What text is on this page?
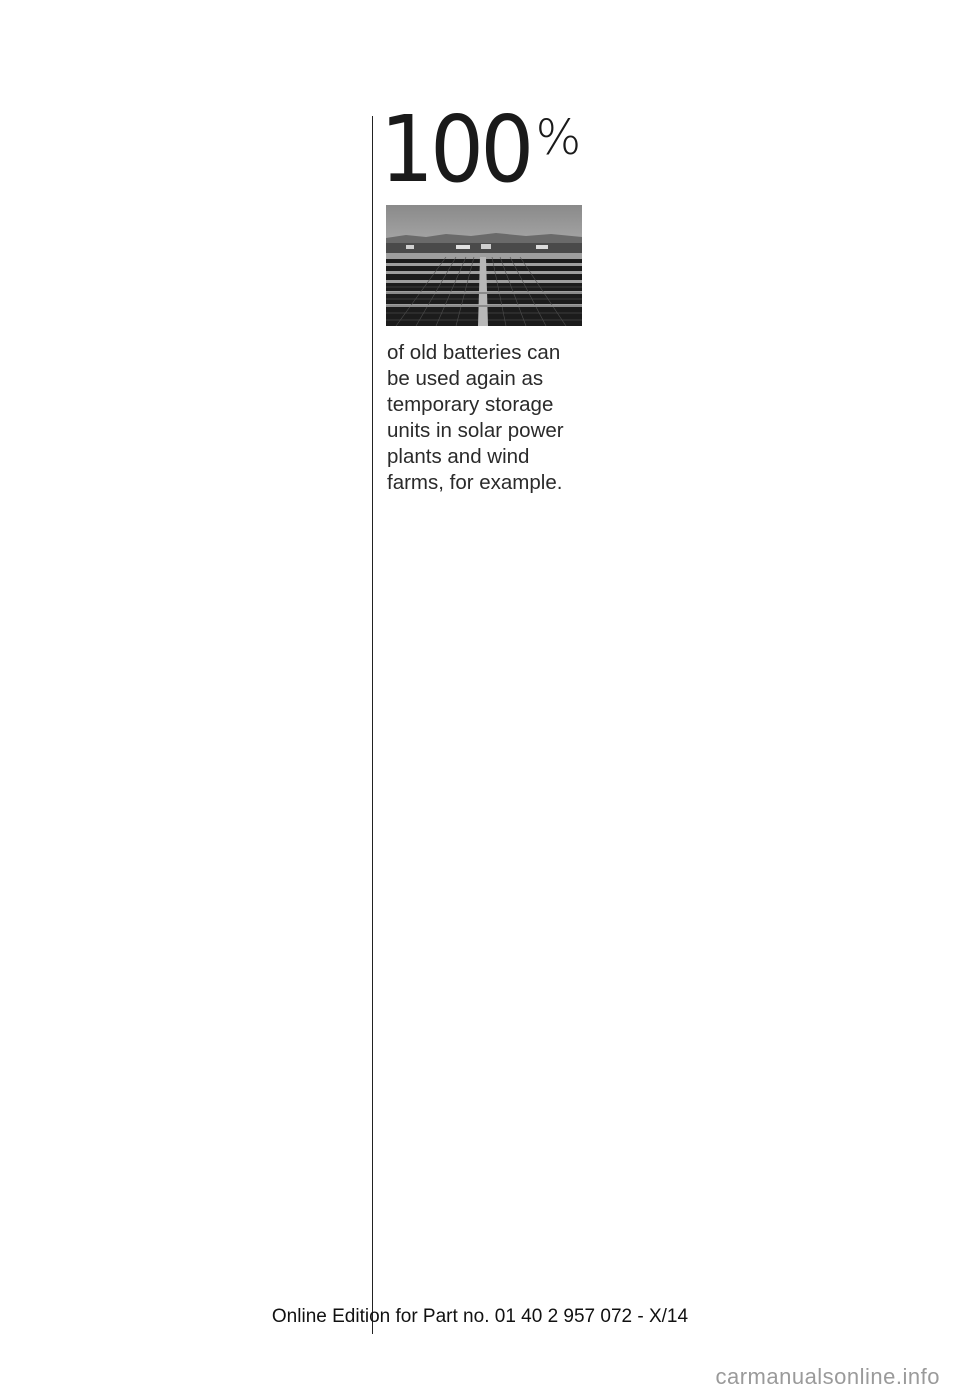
100 %
of old batteries can
be used again as
temporary storage
units in solar power
plants and wind
farms, for example.
Online Edition for Part no. 01 40 2 957 072 - X/14
carmanualsonline.info
